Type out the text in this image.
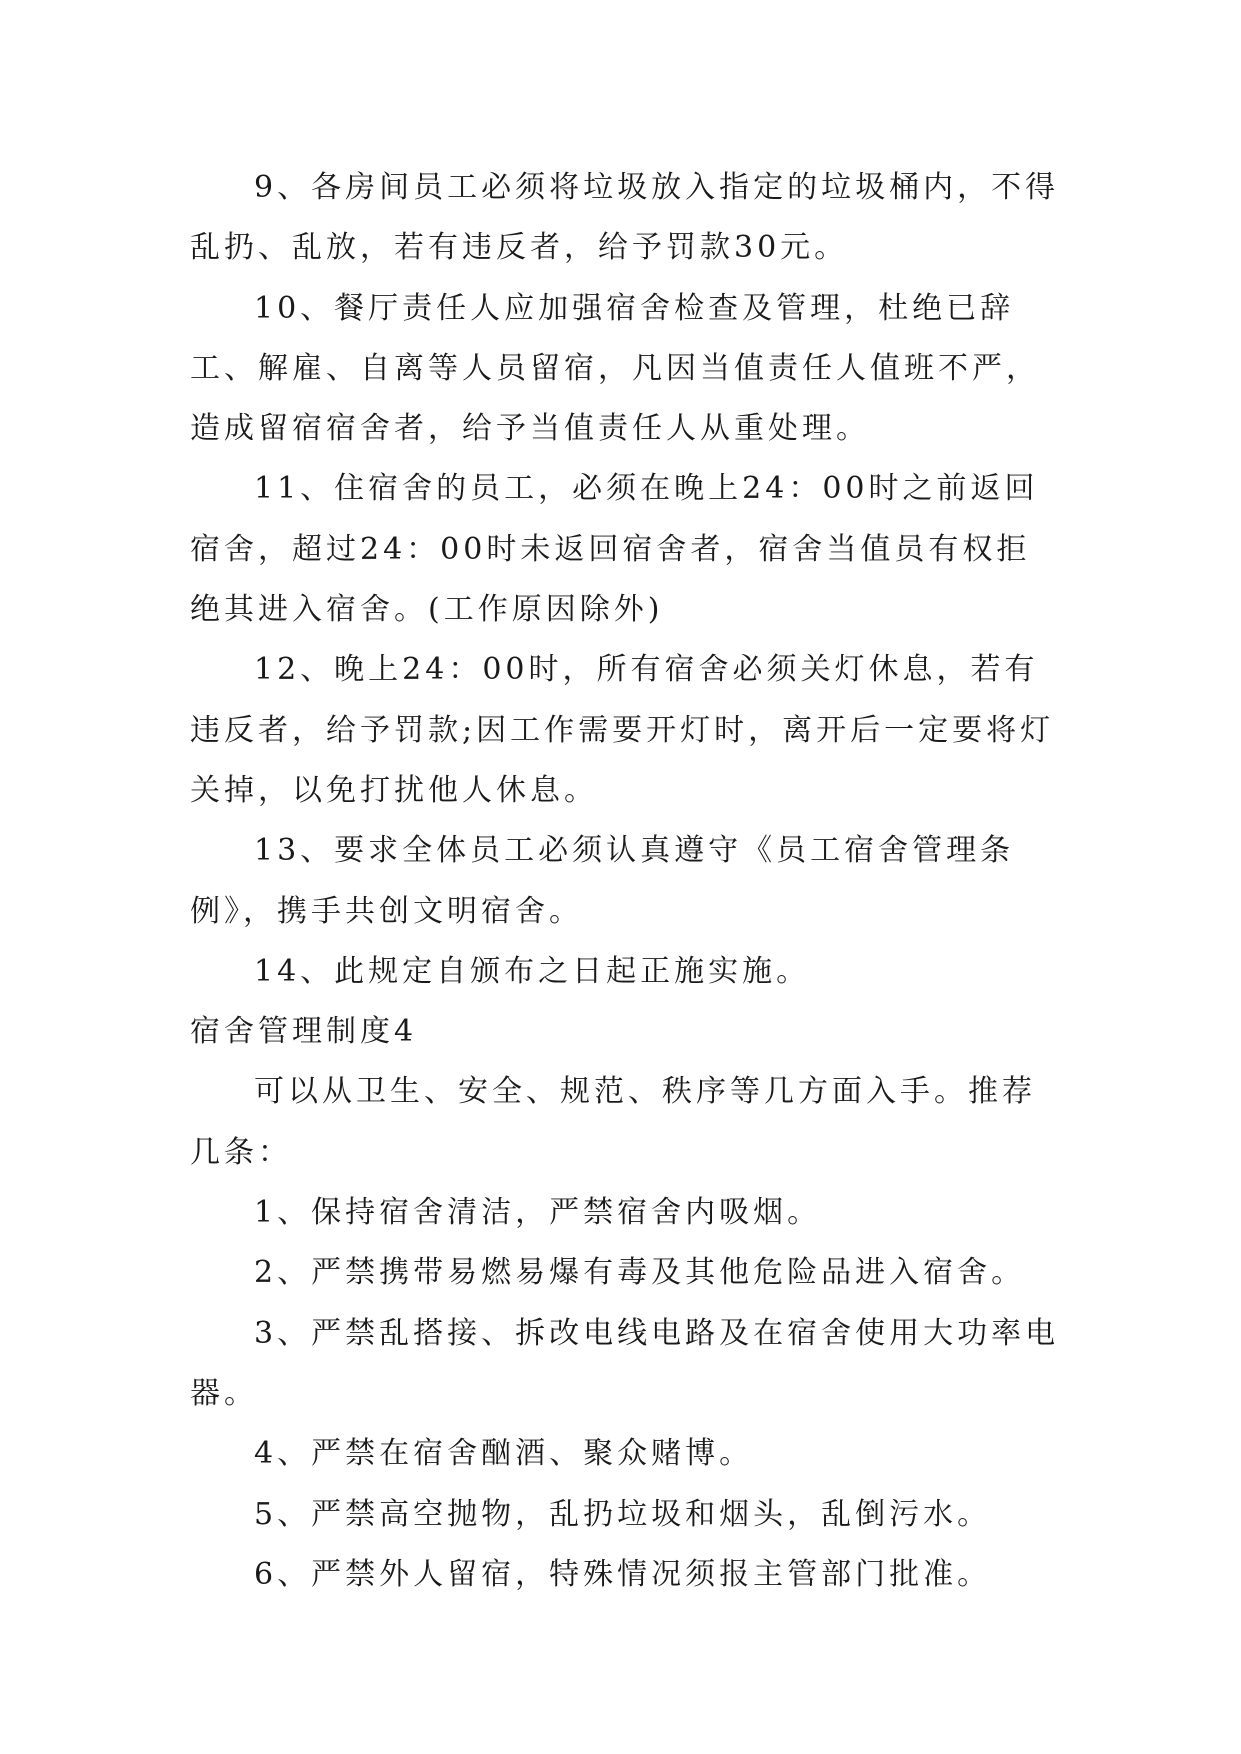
9、各房间员工必须将垃圾放入指定的垃圾桶内，不得乱扔、乱放，若有违反者，给予罚款30元。

10、餐厅责任人应加强宿舍检查及管理，杜绝已辞工、解雇、自离等人员留宿，凡因当值责任人值班不严，造成留宿宿舍者，给予当值责任人从重处理。

11、住宿舍的员工，必须在晚上24：00时之前返回宿舍，超过24：00时未返回宿舍者，宿舍当值员有权拒绝其进入宿舍。(工作原因除外)

12、晚上24：00时，所有宿舍必须关灯休息，若有违反者，给予罚款;因工作需要开灯时，离开后一定要将灯关掉，以免打扰他人休息。

13、要求全体员工必须认真遵守《员工宿舍管理条例》，携手共创文明宿舍。

14、此规定自颁布之日起正施实施。

宿舍管理制度4

可以从卫生、安全、规范、秩序等几方面入手。推荐几条：

1、保持宿舍清洁，严禁宿舍内吸烟。

2、严禁携带易燃易爆有毒及其他危险品进入宿舍。

3、严禁乱搭接、拆改电线电路及在宿舍使用大功率电器。

4、严禁在宿舍酗酒、聚众赌博。

5、严禁高空抛物，乱扔垃圾和烟头，乱倒污水。

6、严禁外人留宿，特殊情况须报主管部门批准。
